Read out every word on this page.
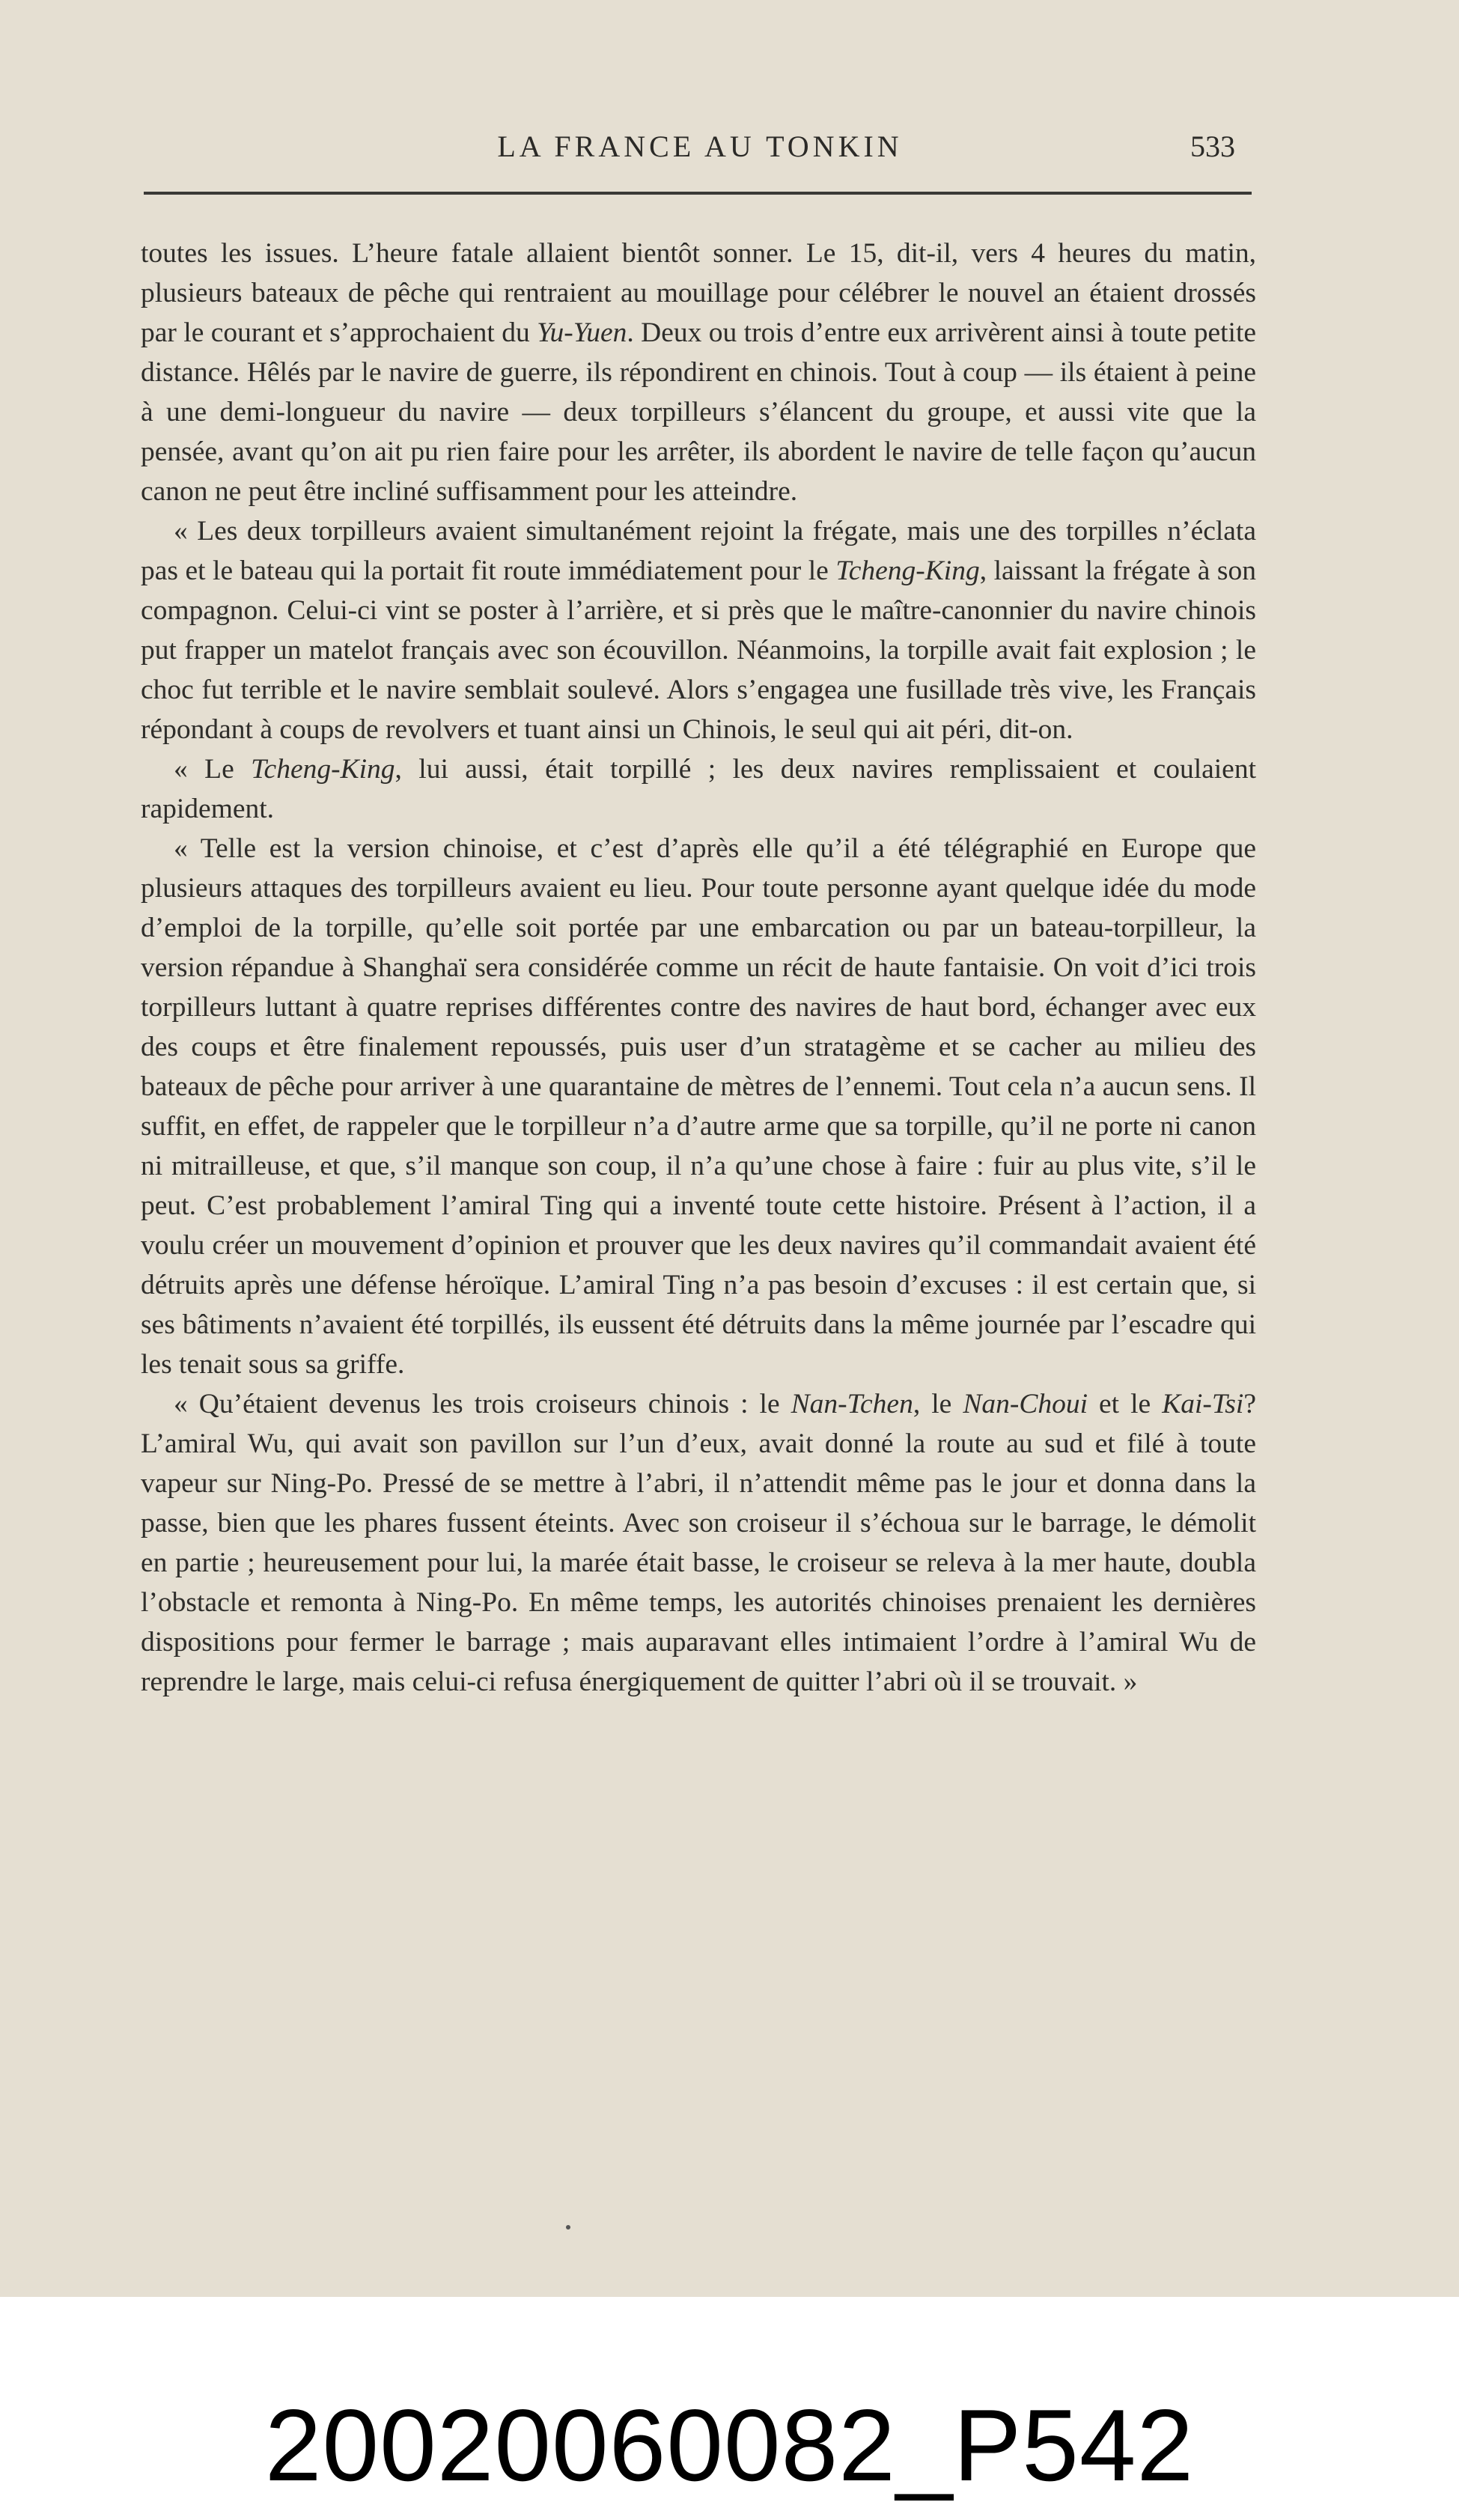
LA FRANCE AU TONKIN	533

toutes les issues. L’heure fatale allaient bientôt sonner. Le 15, dit-il, vers 4 heures du matin, plusieurs bateaux de pêche qui rentraient au mouillage pour célébrer le nouvel an étaient drossés par le courant et s’approchaient du Yu-Yuen. Deux ou trois d’entre eux arrivèrent ainsi à toute petite distance. Hêlés par le navire de guerre, ils répondirent en chinois. Tout à coup — ils étaient à peine à une demi-longueur du navire — deux torpilleurs s’élancent du groupe, et aussi vite que la pensée, avant qu’on ait pu rien faire pour les arrêter, ils abordent le navire de telle façon qu’aucun canon ne peut être incliné suffisamment pour les atteindre.

« Les deux torpilleurs avaient simultanément rejoint la frégate, mais une des torpilles n’éclata pas et le bateau qui la portait fit route immédiatement pour le Tcheng-King, laissant la frégate à son compagnon. Celui-ci vint se poster à l’arrière, et si près que le maître-canonnier du navire chinois put frapper un matelot français avec son écouvillon. Néanmoins, la torpille avait fait explosion ; le choc fut terrible et le navire semblait soulevé. Alors s’engagea une fusillade très vive, les Français répondant à coups de revolvers et tuant ainsi un Chinois, le seul qui ait péri, dit-on.

« Le Tcheng-King, lui aussi, était torpillé ; les deux navires remplissaient et coulaient rapidement.

« Telle est la version chinoise, et c’est d’après elle qu’il a été télégraphié en Europe que plusieurs attaques des torpilleurs avaient eu lieu. Pour toute personne ayant quelque idée du mode d’emploi de la torpille, qu’elle soit portée par une embarcation ou par un bateau-torpilleur, la version répandue à Shanghaï sera considérée comme un récit de haute fantaisie. On voit d’ici trois torpilleurs luttant à quatre reprises différentes contre des navires de haut bord, échanger avec eux des coups et être finalement repoussés, puis user d’un stratagème et se cacher au milieu des bateaux de pêche pour arriver à une quarantaine de mètres de l’ennemi. Tout cela n’a aucun sens. Il suffit, en effet, de rappeler que le torpilleur n’a d’autre arme que sa torpille, qu’il ne porte ni canon ni mitrailleuse, et que, s’il manque son coup, il n’a qu’une chose à faire : fuir au plus vite, s’il le peut. C’est probablement l’amiral Ting qui a inventé toute cette histoire. Présent à l’action, il a voulu créer un mouvement d’opinion et prouver que les deux navires qu’il commandait avaient été détruits après une défense héroïque. L’amiral Ting n’a pas besoin d’excuses : il est certain que, si ses bâtiments n’avaient été torpillés, ils eussent été détruits dans la même journée par l’escadre qui les tenait sous sa griffe.

« Qu’étaient devenus les trois croiseurs chinois : le Nan-Tchen, le Nan-Choui et le Kai-Tsi? L’amiral Wu, qui avait son pavillon sur l’un d’eux, avait donné la route au sud et filé à toute vapeur sur Ning-Po. Pressé de se mettre à l’abri, il n’attendit même pas le jour et donna dans la passe, bien que les phares fussent éteints. Avec son croiseur il s’échoua sur le barrage, le démolit en partie ; heureusement pour lui, la marée était basse, le croiseur se releva à la mer haute, doubla l’obstacle et remonta à Ning-Po. En même temps, les autorités chinoises prenaient les dernières dispositions pour fermer le barrage ; mais auparavant elles intimaient l’ordre à l’amiral Wu de reprendre le large, mais celui-ci refusa énergiquement de quitter l’abri où il se trouvait. »

20020060082_P542
